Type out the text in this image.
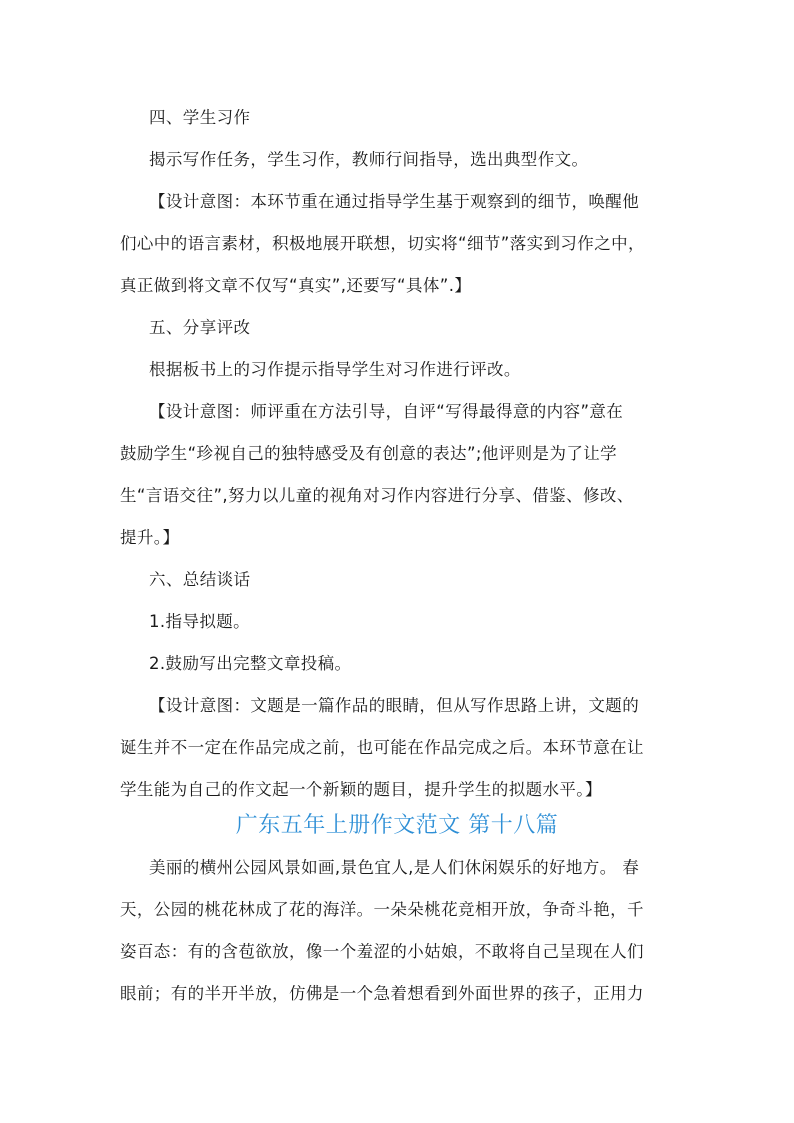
四、学生习作

揭示写作任务，学生习作，教师行间指导，选出典型作文。

【设计意图：本环节重在通过指导学生基于观察到的细节，唤醒他
们心中的语言素材，积极地展开联想，切实将“细节”落实到习作之中，
真正做到将文章不仅写“真实”,还要写“具体”.】

五、分享评改

根据板书上的习作提示指导学生对习作进行评改。

【设计意图：师评重在方法引导，自评“写得最得意的内容”意在
鼓励学生“珍视自己的独特感受及有创意的表达”;他评则是为了让学
生“言语交往”,努力以儿童的视角对习作内容进行分享、借鉴、修改、
提升。】

六、总结谈话

1.指导拟题。

2.鼓励写出完整文章投稿。

【设计意图：文题是一篇作品的眼睛，但从写作思路上讲，文题的
诞生并不一定在作品完成之前，也可能在作品完成之后。本环节意在让
学生能为自己的作文起一个新颖的题目，提升学生的拟题水平。】
广东五年上册作文范文 第十八篇
美丽的横州公园风景如画,景色宜人,是人们休闲娱乐的好地方。 春
天，公园的桃花林成了花的海洋。一朵朵桃花竞相开放，争奇斗艳，千
姿百态：有的含苞欲放，像一个羞涩的小姑娘，不敢将自己呈现在人们
眼前；有的半开半放，仿佛是一个急着想看到外面世界的孩子，正用力
